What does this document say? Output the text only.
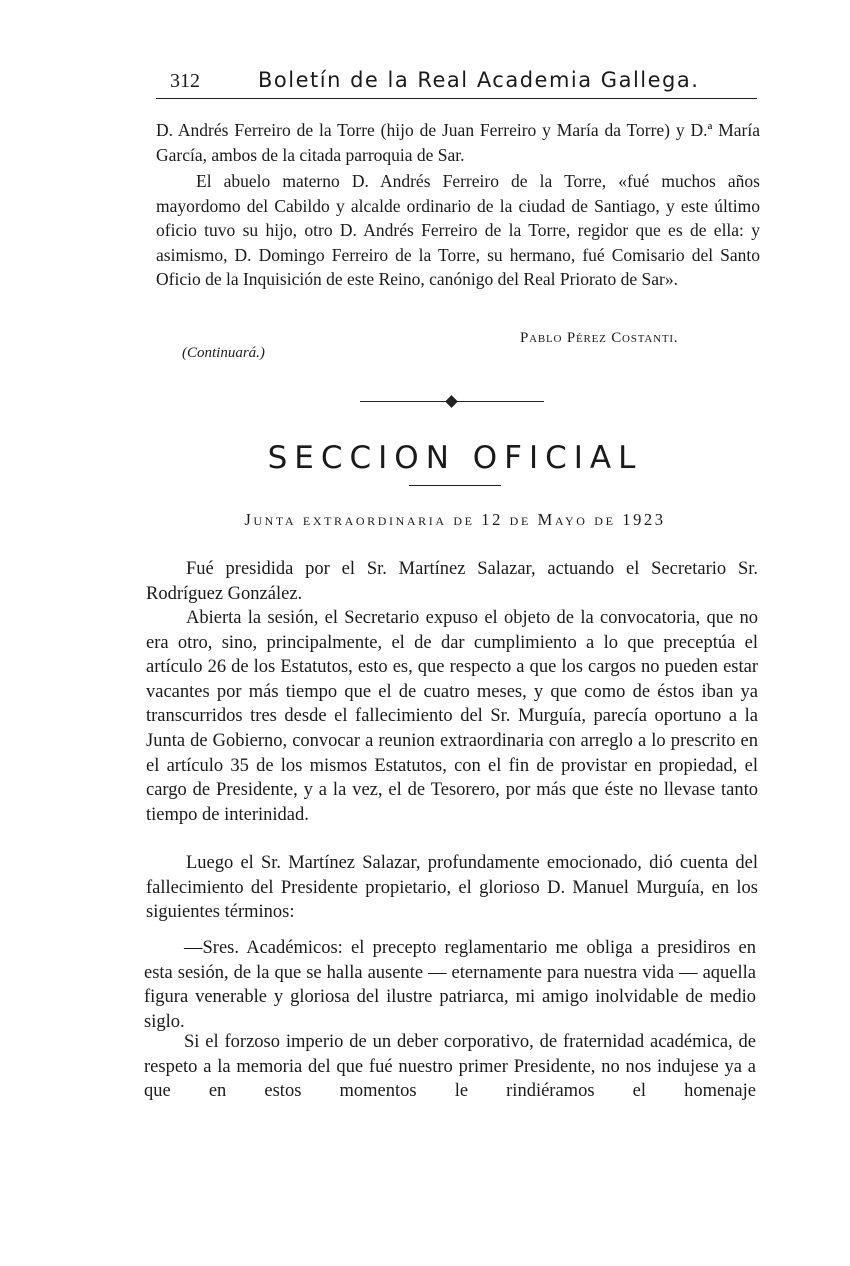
312	Boletín de la Real Academia Gallega.

D. Andrés Ferreiro de la Torre (hijo de Juan Ferreiro y María da Torre) y D.ª María García, ambos de la citada parroquia de Sar.

El abuelo materno D. Andrés Ferreiro de la Torre, «fué muchos años mayordomo del Cabildo y alcalde ordinario de la ciudad de Santiago, y este último oficio tuvo su hijo, otro D. Andrés Ferreiro de la Torre, regidor que es de ella: y asimismo, D. Domingo Ferreiro de la Torre, su hermano, fué Comisario del Santo Oficio de la Inquisición de este Reino, canónigo del Real Priorato de Sar».

Pablo Pérez Costanti.
(Continuará.)
SECCION OFICIAL
Junta extraordinaria de 12 de Mayo de 1923

Fué presidida por el Sr. Martínez Salazar, actuando el Secretario Sr. Rodríguez González.

Abierta la sesión, el Secretario expuso el objeto de la convocatoria, que no era otro, sino, principalmente, el de dar cumplimiento a lo que preceptúa el artículo 26 de los Estatutos, esto es, que respecto a que los cargos no pueden estar vacantes por más tiempo que el de cuatro meses, y que como de éstos iban ya transcurridos tres desde el fallecimiento del Sr. Murguía, parecía oportuno a la Junta de Gobierno, convocar a reunion extraordinaria con arreglo a lo prescrito en el artículo 35 de los mismos Estatutos, con el fin de provistar en propiedad, el cargo de Presidente, y a la vez, el de Tesorero, por más que éste no llevase tanto tiempo de interinidad.

Luego el Sr. Martínez Salazar, profundamente emocionado, dió cuenta del fallecimiento del Presidente propietario, el glorioso D. Manuel Murguía, en los siguientes términos:

—Sres. Académicos: el precepto reglamentario me obliga a presidiros en esta sesión, de la que se halla ausente — eternamente para nuestra vida — aquella figura venerable y gloriosa del ilustre patriarca, mi amigo inolvidable de medio siglo.

Si el forzoso imperio de un deber corporativo, de fraternidad académica, de respeto a la memoria del que fué nuestro primer Presidente, no nos indujese ya a que en estos momentos le rindiéramos el homenaje
